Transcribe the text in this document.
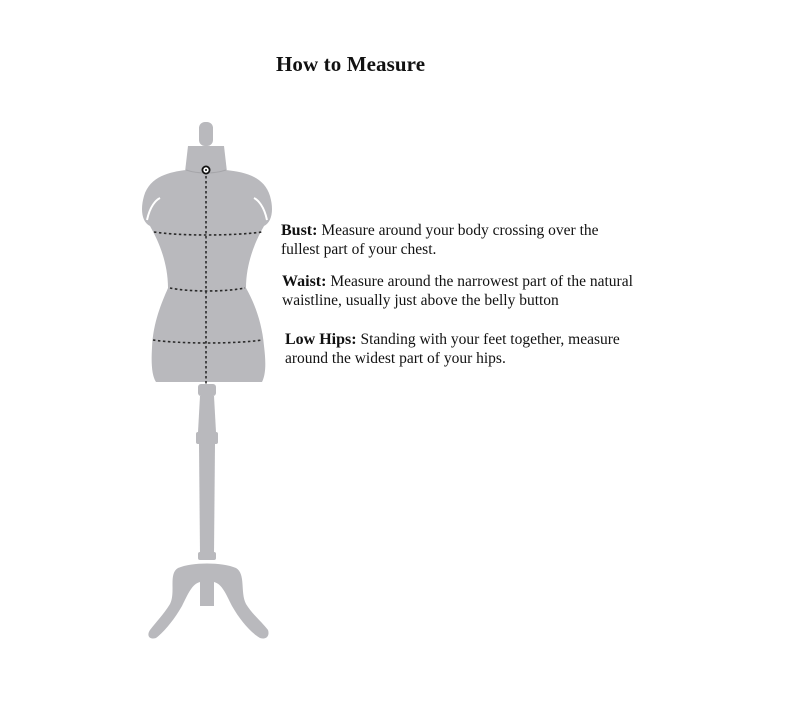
How to Measure
Bust: Measure around your body crossing over the fullest part of your chest.
Waist: Measure around the narrowest part of the natural waistline, usually just above the belly button
Low Hips: Standing with your feet together, measure around the widest part of your hips.
